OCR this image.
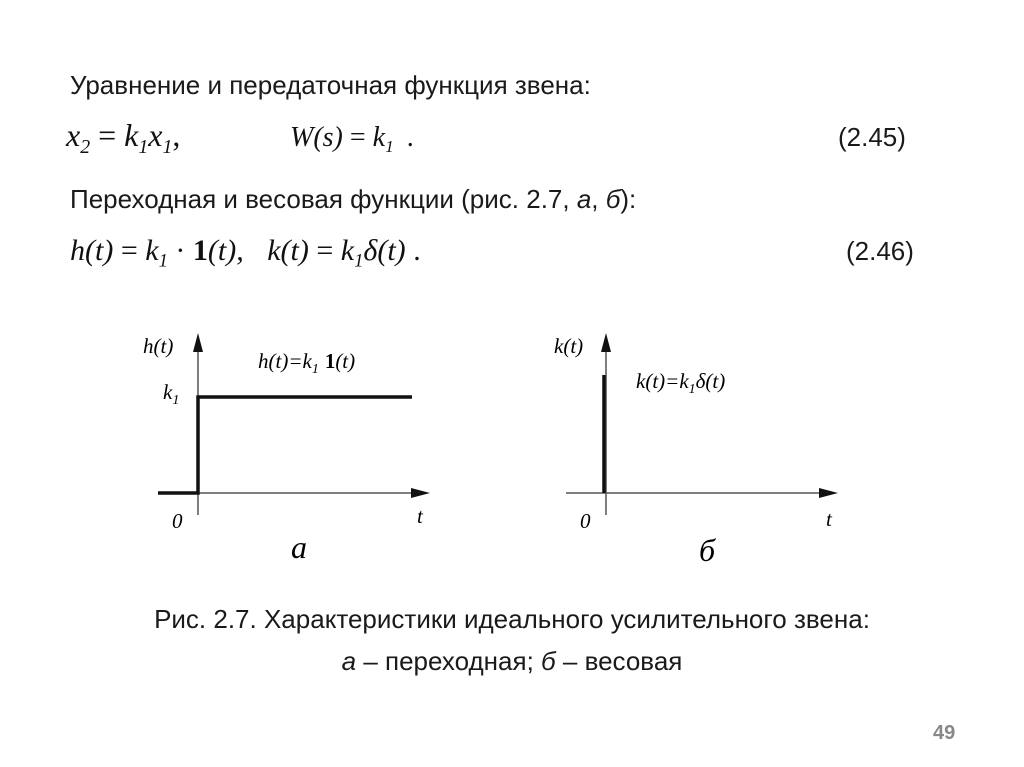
Уравнение и передаточная функция звена:
$x_2 = k_1x_1$,	$W(s) = k_1$ .	(2.45)
Переходная и весовая функции (рис. 2.7, а, б):
$h(t) = k_1 \cdot 1(t)$, $k(t) = k_1\delta(t)$ .	(2.46)
h(t)
$k_1$
$h(t)=k_1$ 1(t)
0	t
а
k(t)
$k(t)=k_1\delta(t)$
0	t
б
Рис. 2.7. Характеристики идеального усилительного звена:
а – переходная; б – весовая
49
